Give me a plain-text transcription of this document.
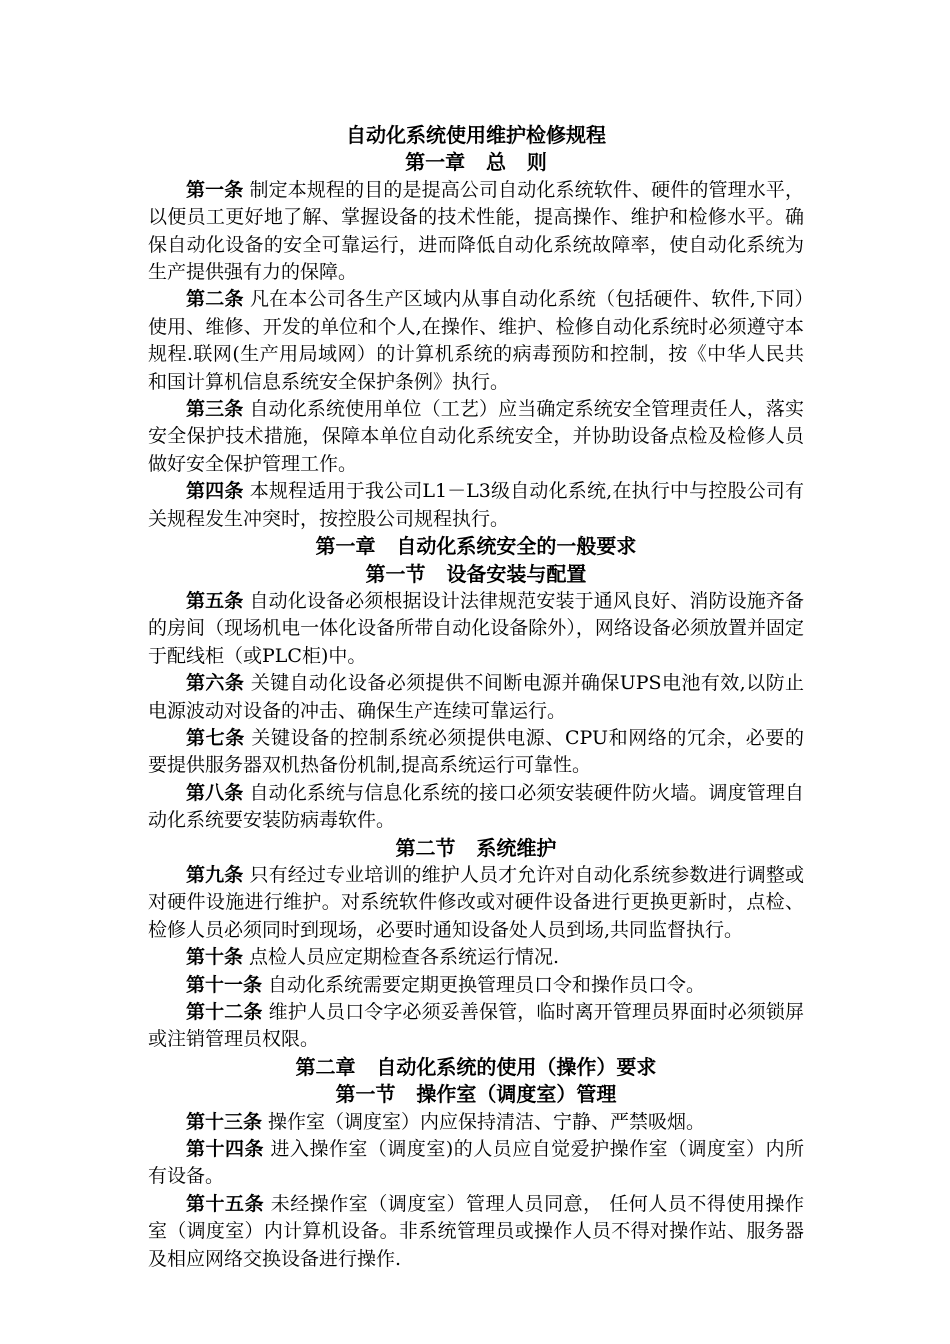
自动化系统使用维护检修规程
第一章   总   则

第一条 制定本规程的目的是提高公司自动化系统软件、硬件的管理水平，以便员工更好地了解、掌握设备的技术性能，提高操作、维护和检修水平。确保自动化设备的安全可靠运行，进而降低自动化系统故障率，使自动化系统为生产提供强有力的保障。

第二条 凡在本公司各生产区域内从事自动化系统（包括硬件、软件,下同）使用、维修、开发的单位和个人,在操作、维护、检修自动化系统时必须遵守本规程.联网(生产用局域网）的计算机系统的病毒预防和控制，按《中华人民共和国计算机信息系统安全保护条例》执行。

第三条 自动化系统使用单位（工艺）应当确定系统安全管理责任人，落实安全保护技术措施，保障本单位自动化系统安全，并协助设备点检及检修人员做好安全保护管理工作。

第四条 本规程适用于我公司L1－L3级自动化系统,在执行中与控股公司有关规程发生冲突时，按控股公司规程执行。

第一章   自动化系统安全的一般要求
第一节   设备安装与配置

第五条 自动化设备必须根据设计法律规范安装于通风良好、消防设施齐备的房间（现场机电一体化设备所带自动化设备除外），网络设备必须放置并固定于配线柜（或PLC柜)中。

第六条 关键自动化设备必须提供不间断电源并确保UPS电池有效,以防止电源波动对设备的冲击、确保生产连续可靠运行。

第七条 关键设备的控制系统必须提供电源、CPU和网络的冗余，必要的要提供服务器双机热备份机制,提高系统运行可靠性。

第八条 自动化系统与信息化系统的接口必须安装硬件防火墙。调度管理自动化系统要安装防病毒软件。

第二节   系统维护

第九条 只有经过专业培训的维护人员才允许对自动化系统参数进行调整或对硬件设施进行维护。对系统软件修改或对硬件设备进行更换更新时，点检、检修人员必须同时到现场，必要时通知设备处人员到场,共同监督执行。

第十条 点检人员应定期检查各系统运行情况.

第十一条 自动化系统需要定期更换管理员口令和操作员口令。

第十二条 维护人员口令字必须妥善保管，临时离开管理员界面时必须锁屏或注销管理员权限。

第二章   自动化系统的使用（操作）要求
第一节   操作室（调度室）管理

第十三条 操作室（调度室）内应保持清洁、宁静、严禁吸烟。

第十四条 进入操作室（调度室)的人员应自觉爱护操作室（调度室）内所有设备。

第十五条 未经操作室（调度室）管理人员同意， 任何人员不得使用操作室（调度室）内计算机设备。非系统管理员或操作人员不得对操作站、服务器及相应网络交换设备进行操作.
